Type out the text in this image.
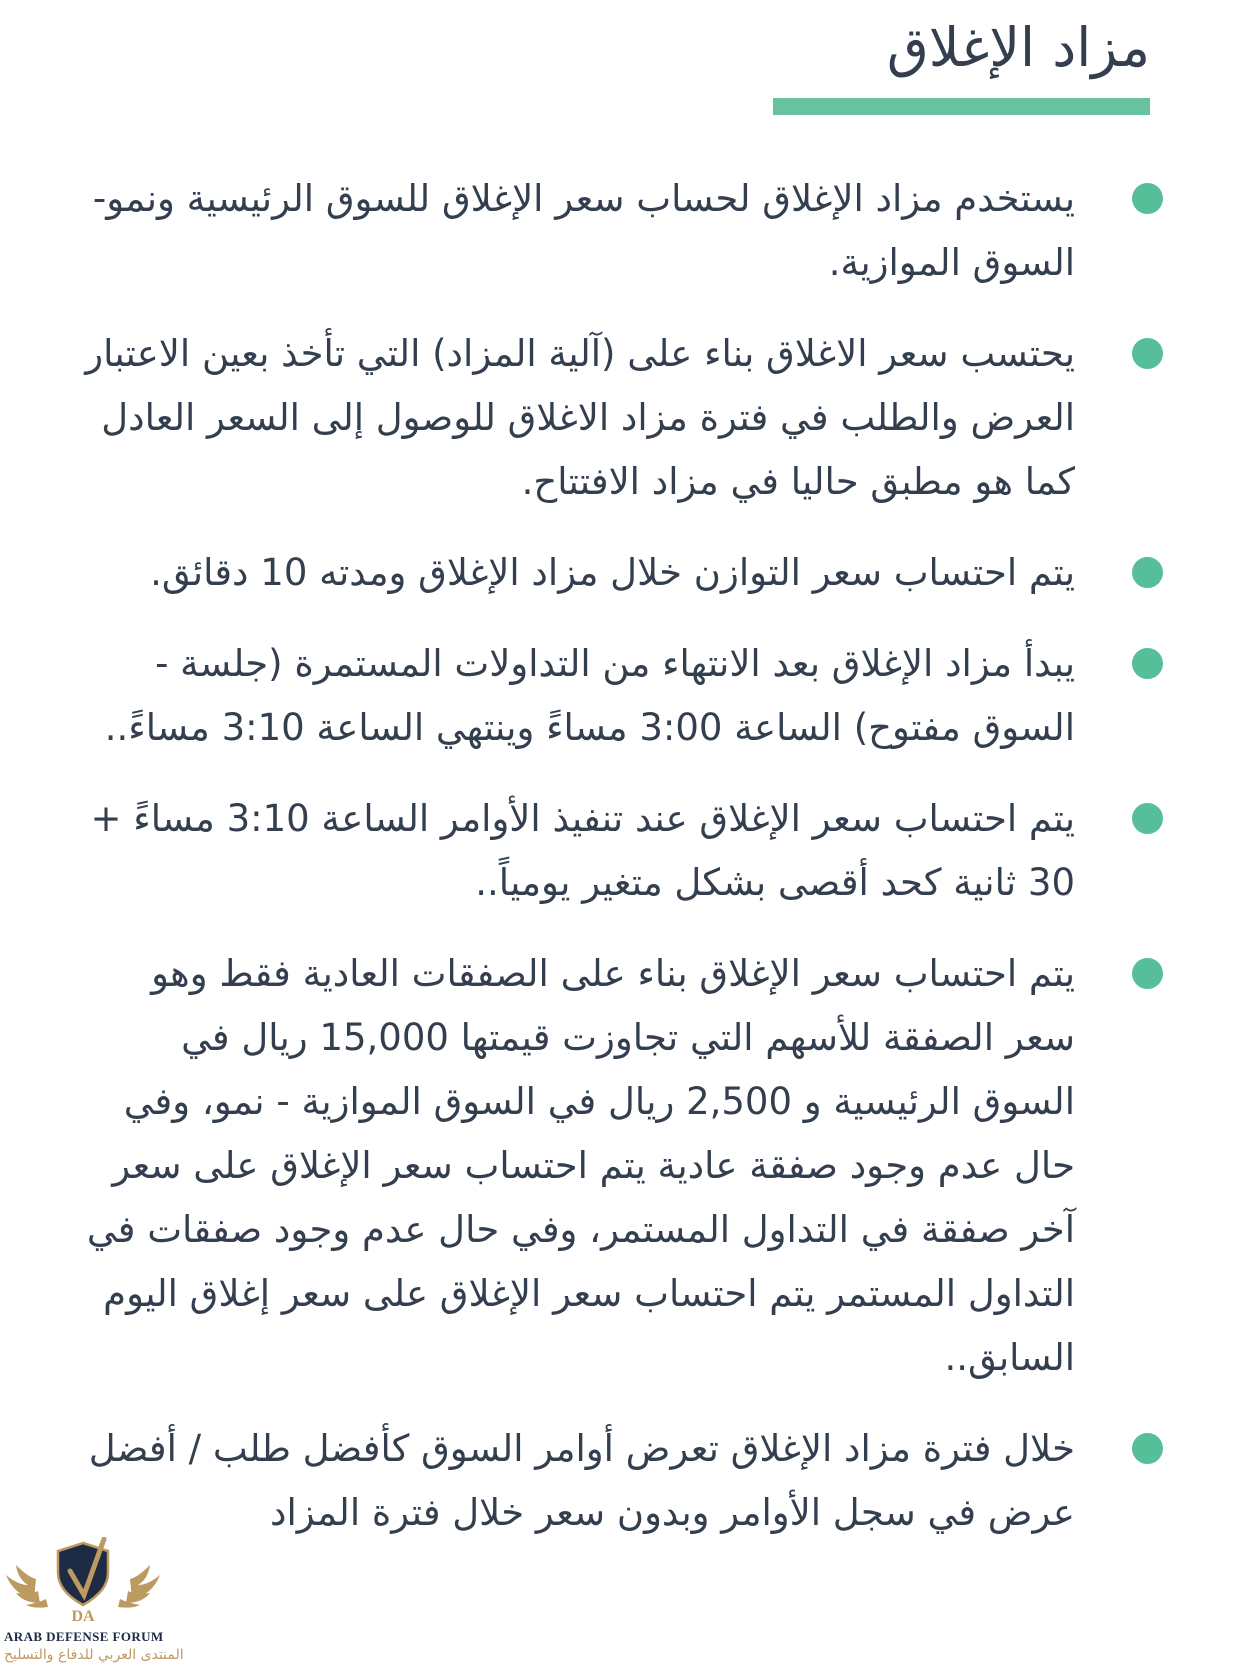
مزاد الإغلاق
يستخدم مزاد الإغلاق لحساب سعر الإغلاق للسوق الرئيسية ونمو- السوق الموازية.
يحتسب سعر الاغلاق بناء على (آلية المزاد) التي تأخذ بعين الاعتبار العرض والطلب في فترة مزاد الاغلاق للوصول إلى السعر العادل كما هو مطبق حاليا في مزاد الافتتاح.
يتم احتساب سعر التوازن خلال مزاد الإغلاق ومدته 10 دقائق.
يبدأ مزاد الإغلاق بعد الانتهاء من التداولات المستمرة (جلسة - السوق مفتوح) الساعة 3:00 مساءً وينتهي الساعة 3:10 مساءً..
يتم احتساب سعر الإغلاق عند تنفيذ الأوامر الساعة 3:10 مساءً + 30 ثانية كحد أقصى بشكل متغير يومياً..
يتم احتساب سعر الإغلاق بناء على الصفقات العادية فقط وهو سعر الصفقة للأسهم التي تجاوزت قيمتها 15,000 ريال في السوق الرئيسية و 2,500 ريال في السوق الموازية - نمو، وفي حال عدم وجود صفقة عادية يتم احتساب سعر الإغلاق على سعر آخر صفقة في التداول المستمر، وفي حال عدم وجود صفقات في التداول المستمر يتم احتساب سعر الإغلاق على سعر إغلاق اليوم السابق..
خلال فترة مزاد الإغلاق تعرض أوامر السوق كأفضل طلب / أفضل عرض في سجل الأوامر وبدون سعر خلال فترة المزاد
DA
ARAB DEFENSE FORUM
المنتدى العربي للدفاع والتسليح
